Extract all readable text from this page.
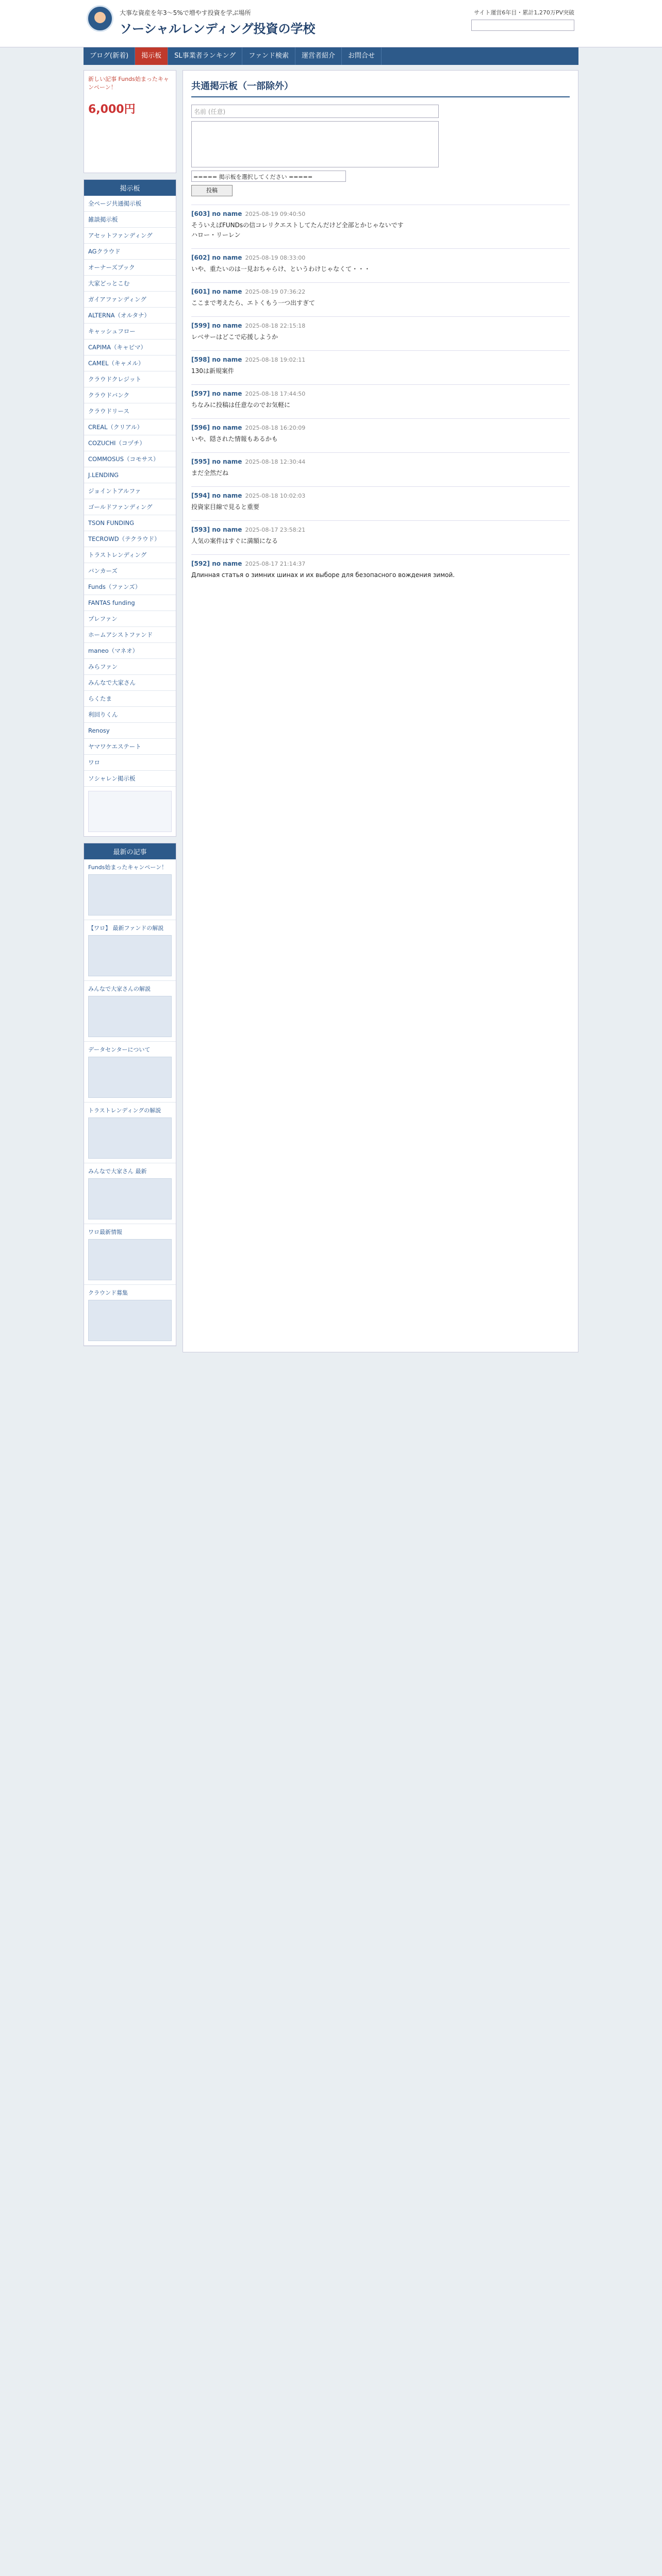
大事な資産を年3〜5%で増やす投資を学ぶ場所
ソーシャルレンディング投資の学校
サイト運営6年目・累計1,270万PV突破
ブログ(新着)	掲示板	SL事業者ランキング	ファンド検索	運営者紹介	お問合せ
新しい記事 Funds始まったキャンペーン！
6,000円
掲示板
全ページ共通掲示板
雑談掲示板
アセットファンディング
AGクラウド
オーナーズブック
大家どっとこむ
ガイアファンディング
ALTERNA（オルタナ）
キャッシュフロー
CAPIMA（キャピマ）
CAMEL（キャメル）
クラウドクレジット
クラウドバンク
クラウドリース
CREAL（クリアル）
COZUCHI（コヅチ）
COMMOSUS（コモサス）
J.LENDING
ジョイントアルファ
ゴールドファンディング
TSON FUNDING
TECROWD（テクラウド）
トラストレンディング
バンカーズ
Funds（ファンズ）
FANTAS funding
プレファン
ホームアシストファンド
maneo（マネオ）
みらファン
みんなで大家さん
らくたま
利回りくん
Renosy
ヤマワケエステート
ワロ
ソシャレン掲示板
最新の記事
Funds始まったキャンペーン！
【ワロ】 最新ファンドの解説
みんなで大家さんの解説
データセンターについて
トラストレンディングの解説
みんなで大家さん 最新
ワロ最新情報
クラウンド募集
共通掲示板（一部除外）
名前 (任意)
===== 掲示板を選択してください =====
投稿
[603] no name 2025-08-19 09:40:50
そういえばFUNDsの信コレリクエストしてたんだけど全部とかじゃないです
ハロー・リーレン
[602] no name 2025-08-19 08:33:00
いや、重たいのは一見おちゃらけ、というわけじゃなくて・・・
[601] no name 2025-08-19 07:36:22
ここまで考えたら、エトくもう一つ出すぎて
[599] no name 2025-08-18 22:15:18
レベサーはどこで応援しようか
[598] no name 2025-08-18 19:02:11
130は新規案件
[597] no name 2025-08-18 17:44:50
ちなみに投稿は任意なのでお気軽に
[596] no name 2025-08-18 16:20:09
いや、隠された情報もあるかも
[595] no name 2025-08-18 12:30:44
まだ全然だね
[594] no name 2025-08-18 10:02:03
投資家目線で見ると重要
[593] no name 2025-08-17 23:58:21
人気の案件はすぐに満額になる
[592] no name 2025-08-17 21:14:37
Длинная статья о зимних шинах и их выборе для безопасного вождения зимой.
